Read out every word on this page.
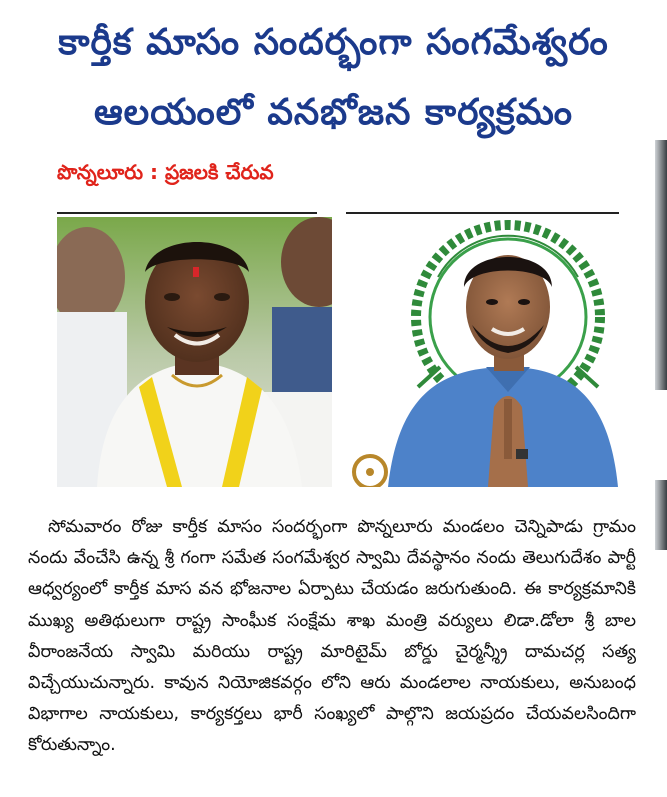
కార్తీక మాసం సందర్భంగా సంగమేశ్వరం
ఆలయంలో వనభోజన కార్యక్రమం
పొన్నలూరు : ప్రజలకి చేరువ

సోమవారం రోజు కార్తీక మాసం సందర్భంగా పొన్నలూరు మండలం చెన్నిపాడు గ్రామం నందు వేంచేసి ఉన్న శ్రీ గంగా సమేత సంగమేశ్వర స్వామి దేవస్థానం నందు తెలుగుదేశం పార్టీ ఆధ్వర్యంలో కార్తీక మాస వన భోజనాల ఏర్పాటు చేయడం జరుగుతుంది. ఈ కార్యక్రమానికి ముఖ్య అతిథులుగా రాష్ట్ర సాంఘీక సంక్షేమ శాఖ మంత్రి వర్యులు లిడా.డోలా శ్రీ బాల వీరాంజనేయ స్వామి మరియు రాష్ట్ర మారిటైమ్ బోర్డు చైర్మన్శ్రీ దామచర్ల సత్య విచ్చేయుచున్నారు. కావున నియోజికవర్గం లోని ఆరు మండలాల నాయకులు, అనుబంధ విభాగాల నాయకులు, కార్యకర్తలు భారీ సంఖ్యలో పాల్గొని జయప్రదం చేయవలసిందిగా కోరుతున్నాం.
